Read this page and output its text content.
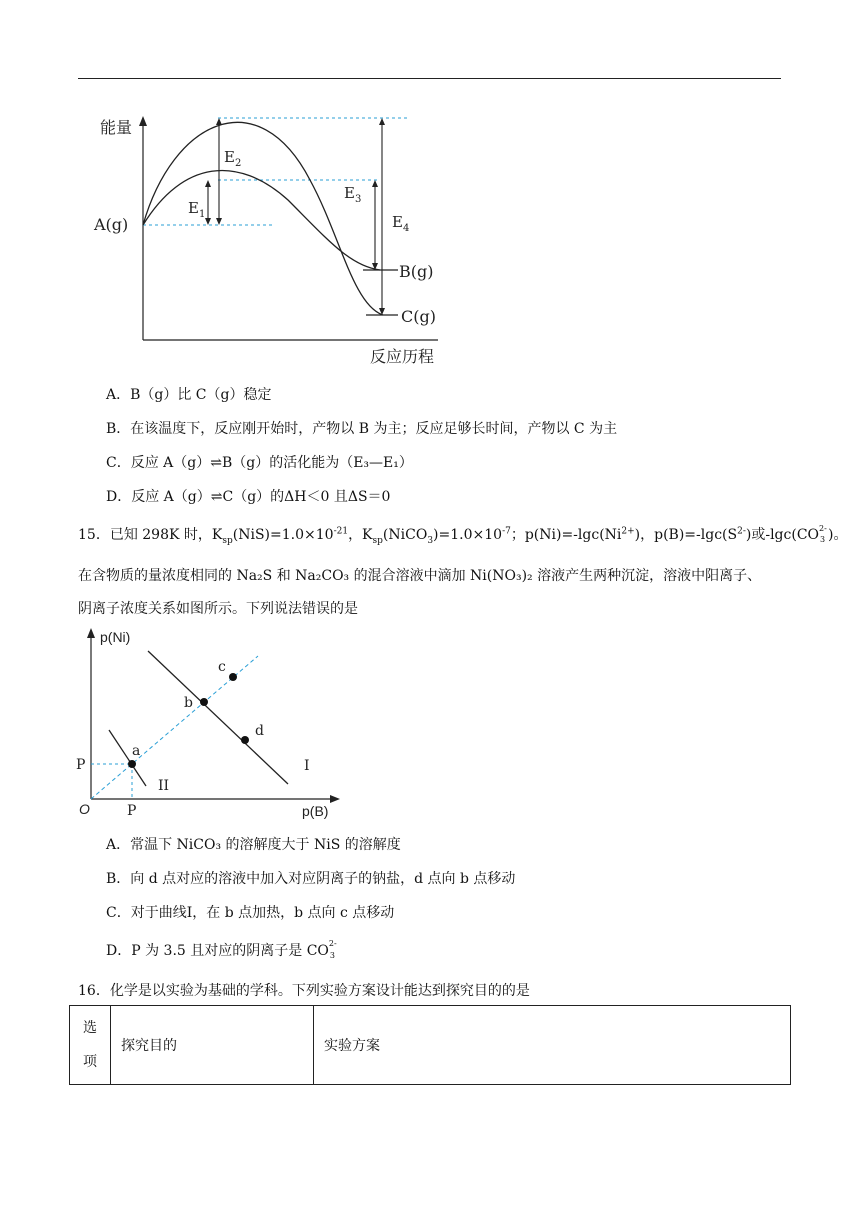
能量
反应历程
A(g)
B(g)
C(g)
$E_1$
$E_2$
$E_3$
$E_4$
A．B（g）比 C（g）稳定
B．在该温度下，反应刚开始时，产物以 B 为主；反应足够长时间，产物以 C 为主
C．反应 A（g）⇌B（g）的活化能为（E₃—E₁）
D．反应 A（g）⇌C（g）的ΔH＜0 且ΔS＝0
15．已知 298K 时，$K_{sp}(NiS)=1.0\times 10^{-21}$，$K_{sp}(NiCO_3)=1.0\times 10^{-7}$；$p(Ni)=-\lg c(Ni^{2+})$，$p(B)=-\lg c(S^{2-})$或-lgc(CO 2-
3 )。
在含物质的量浓度相同的 Na₂S 和 Na₂CO₃ 的混合溶液中滴加 Ni(NO₃)₂ 溶液产生两种沉淀，溶液中阳离子、
阴离子浓度关系如图所示。下列说法错误的是
p(Ni)
p(B)
O
P
P
a
b
c
d
I
II
A．常温下 NiCO₃ 的溶解度大于 NiS 的溶解度
B．向 d 点对应的溶液中加入对应阴离子的钠盐，d 点向 b 点移动
C．对于曲线Ⅰ，在 b 点加热，b 点向 c 点移动
D．P 为 3.5 且对应的阴离子是 CO 2-
3
16．化学是以实验为基础的学科。下列实验方案设计能达到探究目的的是
选
项
	探究目的	实验方案
